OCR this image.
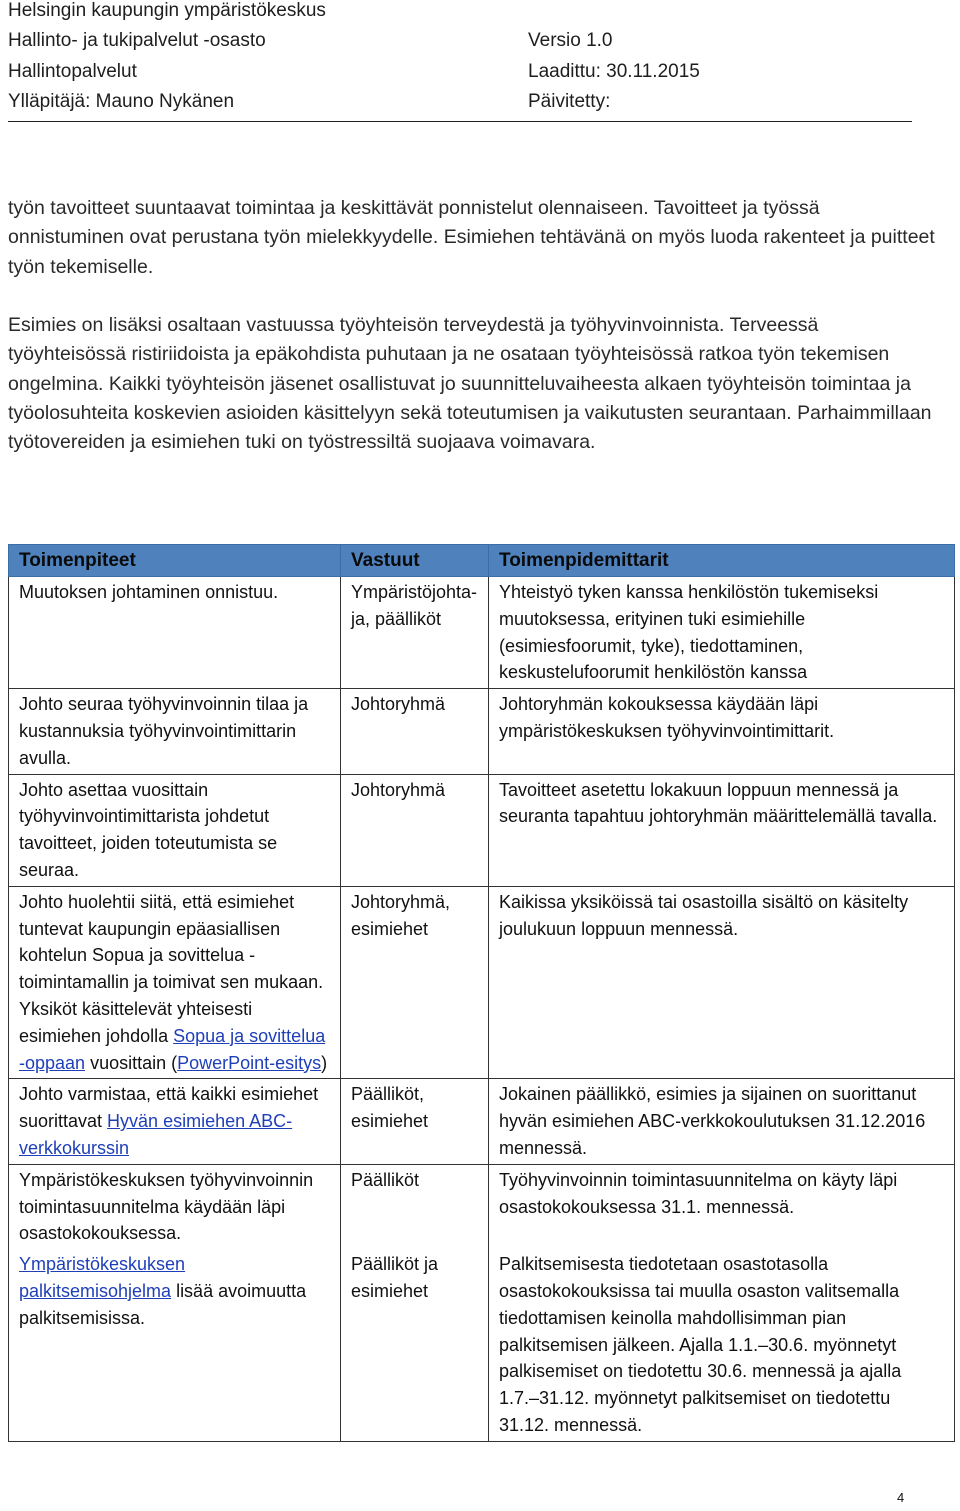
Helsingin kaupungin ympäristökeskus
Hallinto- ja tukipalvelut -osasto
Hallintopalvelut
Ylläpitäjä: Mauno Nykänen
Versio 1.0
Laadittu: 30.11.2015
Päivitetty:

työn tavoitteet suuntaavat toimintaa ja keskittävät ponnistelut olennaiseen. Tavoitteet ja työssä onnistuminen ovat perustana työn mielekkyydelle. Esimiehen tehtävänä on myös luoda rakenteet ja puitteet työn tekemiselle.

Esimies on lisäksi osaltaan vastuussa työyhteisön terveydestä ja työhyvinvoinnista. Terveessä työyhteisössä ristiriidoista ja epäkohdista puhutaan ja ne osataan työyhteisössä ratkoa työn tekemisen ongelmina. Kaikki työyhteisön jäsenet osallistuvat jo suunnitteluvaiheesta alkaen työyhteisön toimintaa ja työolosuhteita koskevien asioiden käsittelyyn sekä toteutumisen ja vaikutusten seurantaan. Parhaimmillaan työtovereiden ja esimiehen tuki on työstressiltä suojaava voimavara.

Toimenpiteet	Vastuut	Toimenpidemittarit
Muutoksen johtaminen onnistuu.	Ympäristöjohta-ja, päälliköt	Yhteistyö tyken kanssa henkilöstön tukemiseksi muutoksessa, erityinen tuki esimiehille (esimiesfoorumit, tyke), tiedottaminen, keskustelufoorumit henkilöstön kanssa
Johto seuraa työhyvinvoinnin tilaa ja kustannuksia työhyvinvointimittarin avulla.	Johtoryhmä	Johtoryhmän kokouksessa käydään läpi ympäristökeskuksen työhyvinvointimittarit.
Johto asettaa vuosittain työhyvinvointimittarista johdetut tavoitteet, joiden toteutumista se seuraa.	Johtoryhmä	Tavoitteet asetettu lokakuun loppuun mennessä ja seuranta tapahtuu johtoryhmän määrittelemällä tavalla.
Johto huolehtii siitä, että esimiehet tuntevat kaupungin epäasiallisen kohtelun Sopua ja sovittelua -toimintamallin ja toimivat sen mukaan. Yksiköt käsittelevät yhteisesti esimiehen johdolla Sopua ja sovittelua -oppaan vuosittain (PowerPoint-esitys)	Johtoryhmä, esimiehet	Kaikissa yksiköissä tai osastoilla sisältö on käsitelty joulukuun loppuun mennessä.
Johto varmistaa, että kaikki esimiehet suorittavat Hyvän esimiehen ABC-verkkokurssin	Päälliköt, esimiehet	Jokainen päällikkö, esimies ja sijainen on suorittanut hyvän esimiehen ABC-verkkokoulutuksen 31.12.2016 mennessä.
Ympäristökeskuksen työhyvinvoinnin toimintasuunnitelma käydään läpi osastokokouksessa.	Päälliköt	Työhyvinvoinnin toimintasuunnitelma on käyty läpi osastokokouksessa 31.1. mennessä.
Ympäristökeskuksen palkitsemisohjelma lisää avoimuutta palkitsemisissa.	Päälliköt ja esimiehet	Palkitsemisesta tiedotetaan osastotasolla osastokokouksissa tai muulla osaston valitsemalla tiedottamisen keinolla mahdollisimman pian palkitsemisen jälkeen. Ajalla 1.1.–30.6. myönnetyt palkisemiset on tiedotettu 30.6. mennessä ja ajalla 1.7.–31.12. myönnetyt palkitsemiset on tiedotettu 31.12. mennessä.
4
